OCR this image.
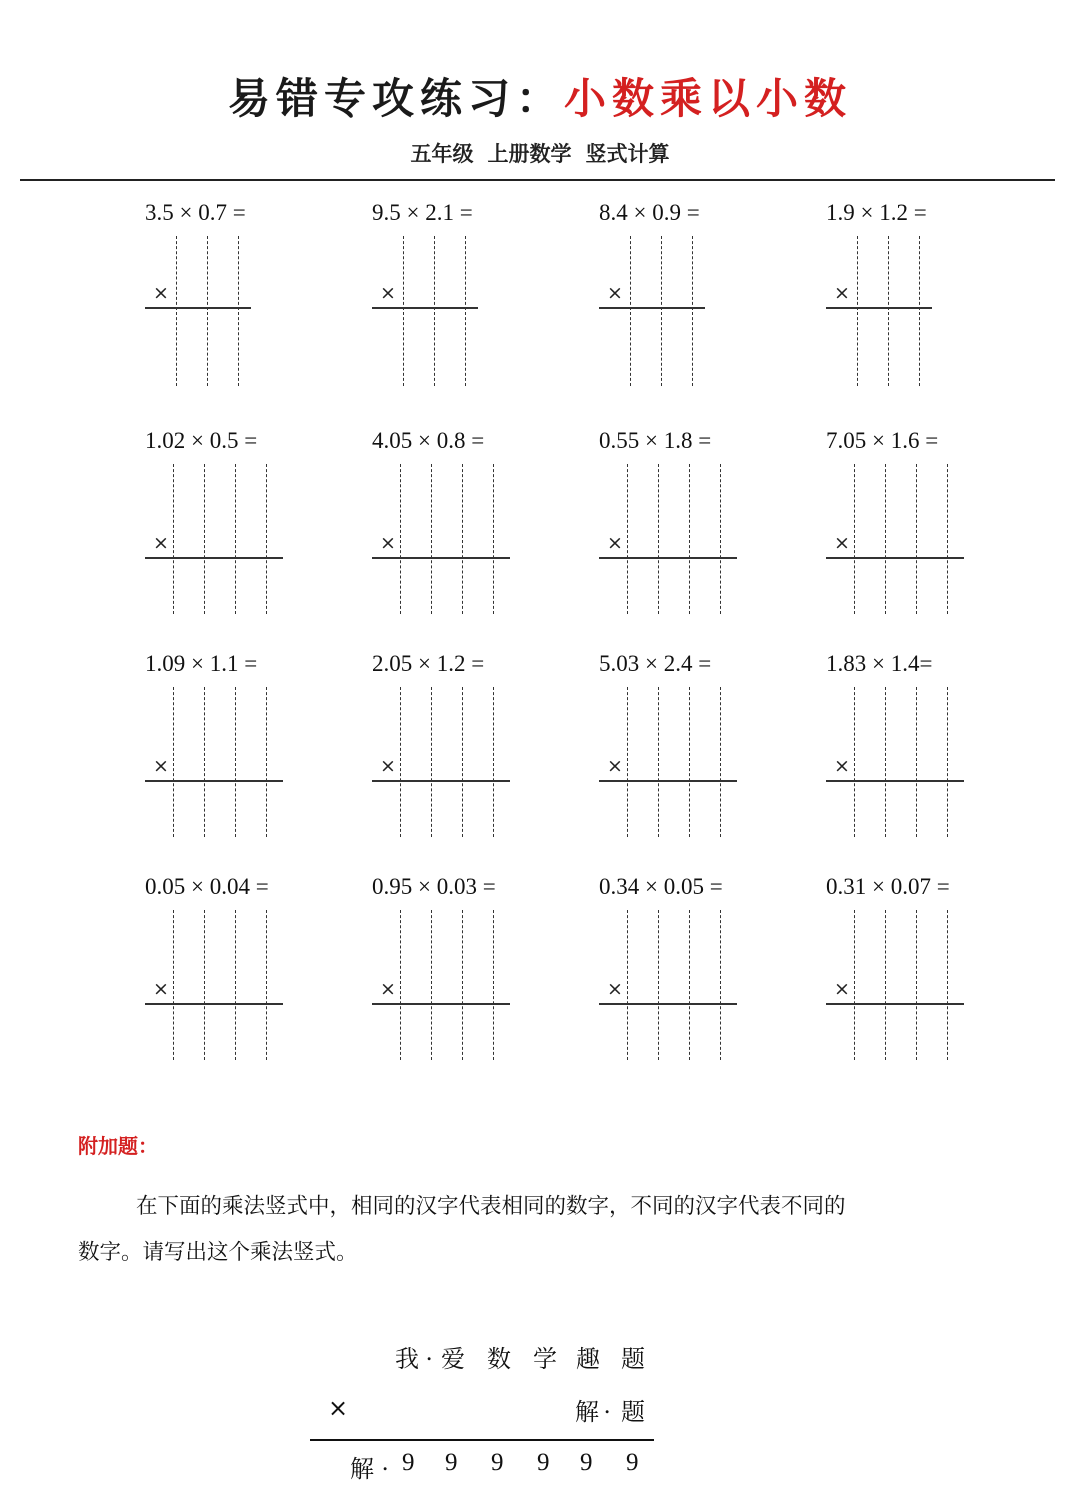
易错专攻练习：小数乘以小数
五年级 上册数学 竖式计算
3.5 × 0.7 =
×
9.5 × 2.1 =
×
8.4 × 0.9 =
×
1.9 × 1.2 =
×
1.02 × 0.5 =
×
4.05 × 0.8 =
×
0.55 × 1.8 =
×
7.05 × 1.6 =
×
1.09 × 1.1 =
×
2.05 × 1.2 =
×
5.03 × 2.4 =
×
1.83 × 1.4=
×
0.05 × 0.04 =
×
0.95 × 0.03 =
×
0.34 × 0.05 =
×
0.31 × 0.07 =
×
附加题：
在下面的乘法竖式中，相同的汉字代表相同的数字，不同的汉字代表不同的
数字。请写出这个乘法竖式。
我 . 爱 数 学 趣 题
×	解 . 题
解 . 9 9 9 9 9 9
